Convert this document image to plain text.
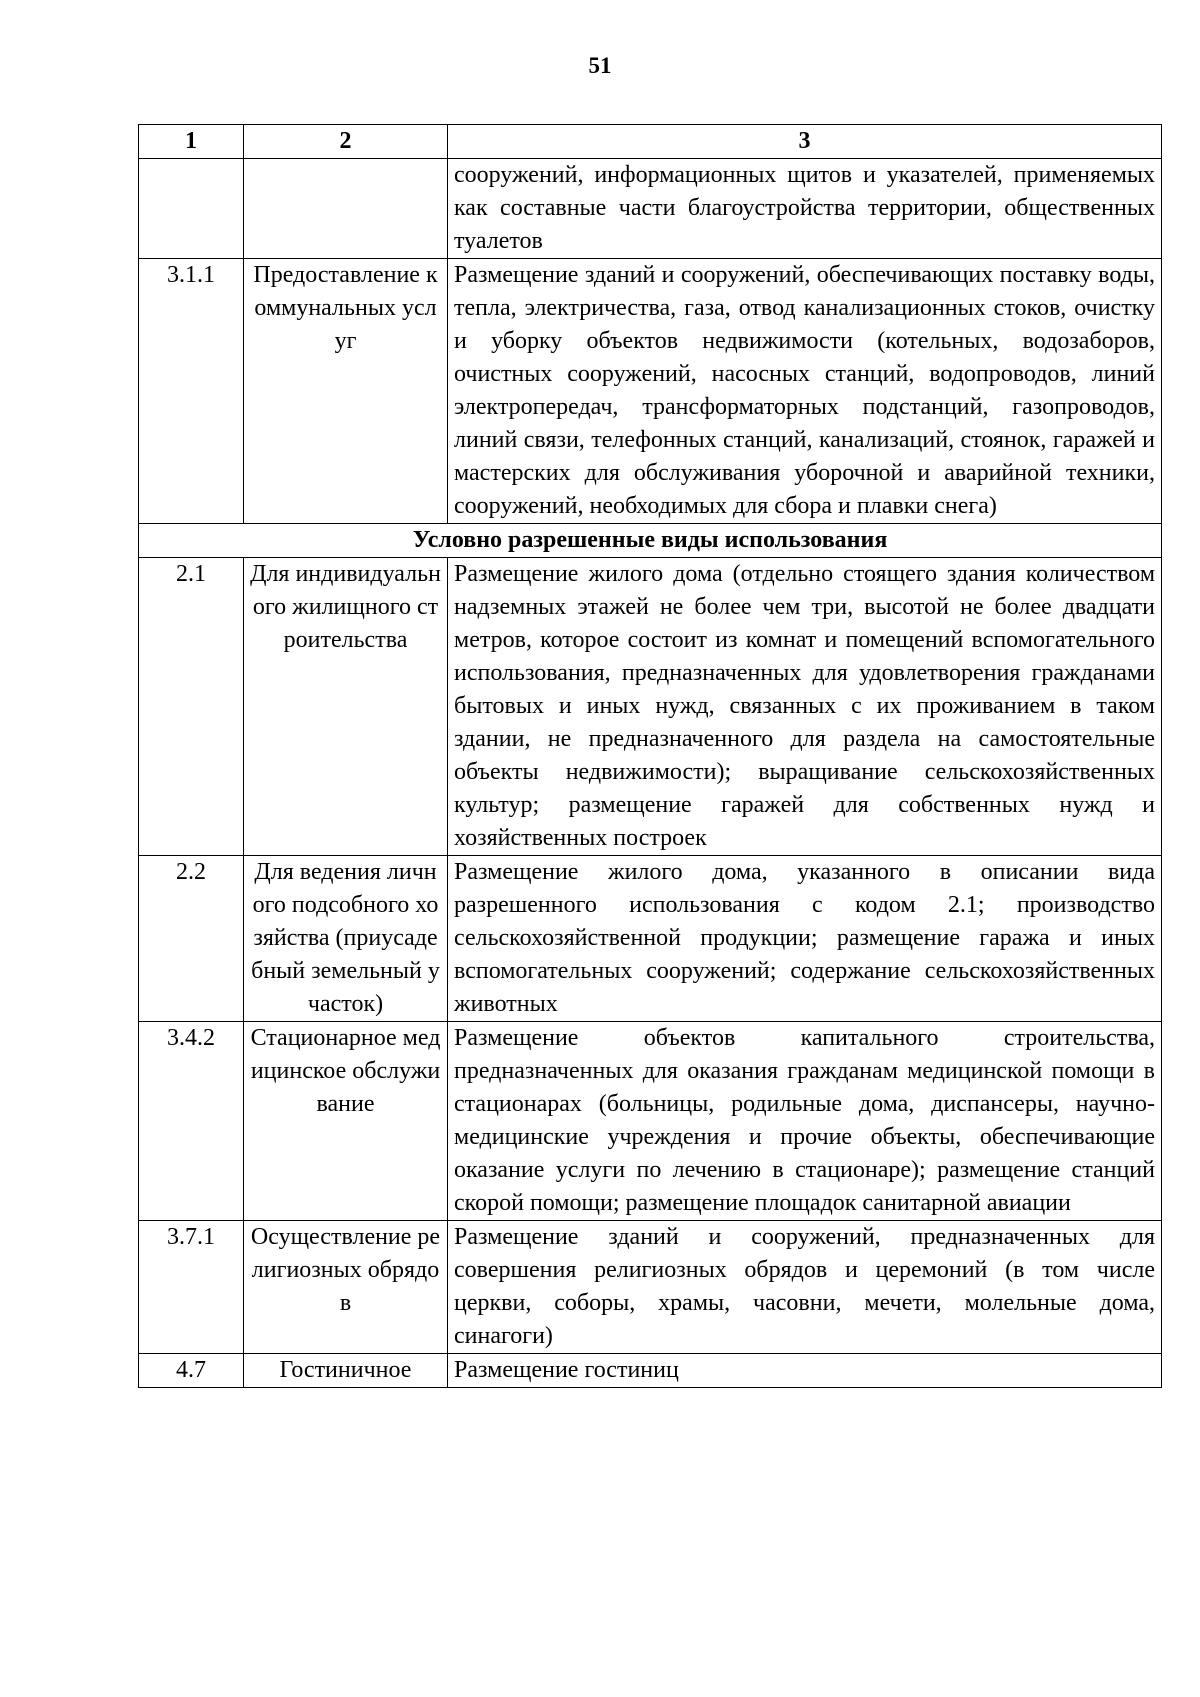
51
1	2	3
		сооружений, информационных щитов и указателей, применяемых как составные части благоустройства территории, общественных туалетов
3.1.1	Предоставление коммунальных услуг	Размещение зданий и сооружений, обеспечивающих поставку воды, тепла, электричества, газа, отвод канализационных стоков, очистку и уборку объектов недвижимости (котельных, водозаборов, очистных сооружений, насосных станций, водопроводов, линий электропередач, трансформаторных подстанций, газопроводов, линий связи, телефонных станций, канализаций, стоянок, гаражей и мастерских для обслуживания уборочной и аварийной техники, сооружений, необходимых для сбора и плавки снега)
Условно разрешенные виды использования		
2.1	Для индивидуального жилищного строительства	Размещение жилого дома (отдельно стоящего здания количеством надземных этажей не более чем три, высотой не более двадцати метров, которое состоит из комнат и помещений вспомогательного использования, предназначенных для удовлетворения гражданами бытовых и иных нужд, связанных с их проживанием в таком здании, не предназначенного для раздела на самостоятельные объекты недвижимости); выращивание сельскохозяйственных культур; размещение гаражей для собственных нужд и хозяйственных построек
2.2	Для ведения личного подсобного хозяйства (приусадебный земельный участок)	Размещение жилого дома, указанного в описании вида разрешенного использования с кодом 2.1; производство сельскохозяйственной продукции; размещение гаража и иных вспомогательных сооружений; содержание сельскохозяйственных животных
3.4.2	Стационарное медицинское обслуживание	Размещение объектов капитального строительства, предназначенных для оказания гражданам медицинской помощи в стационарах (больницы, родильные дома, диспансеры, научно-медицинские учреждения и прочие объекты, обеспечивающие оказание услуги по лечению в стационаре); размещение станций скорой помощи; размещение площадок санитарной авиации
3.7.1	Осуществление религиозных обрядов	Размещение зданий и сооружений, предназначенных для совершения религиозных обрядов и церемоний (в том числе церкви, соборы, храмы, часовни, мечети, молельные дома, синагоги)
4.7	Гостиничное	Размещение гостиниц
